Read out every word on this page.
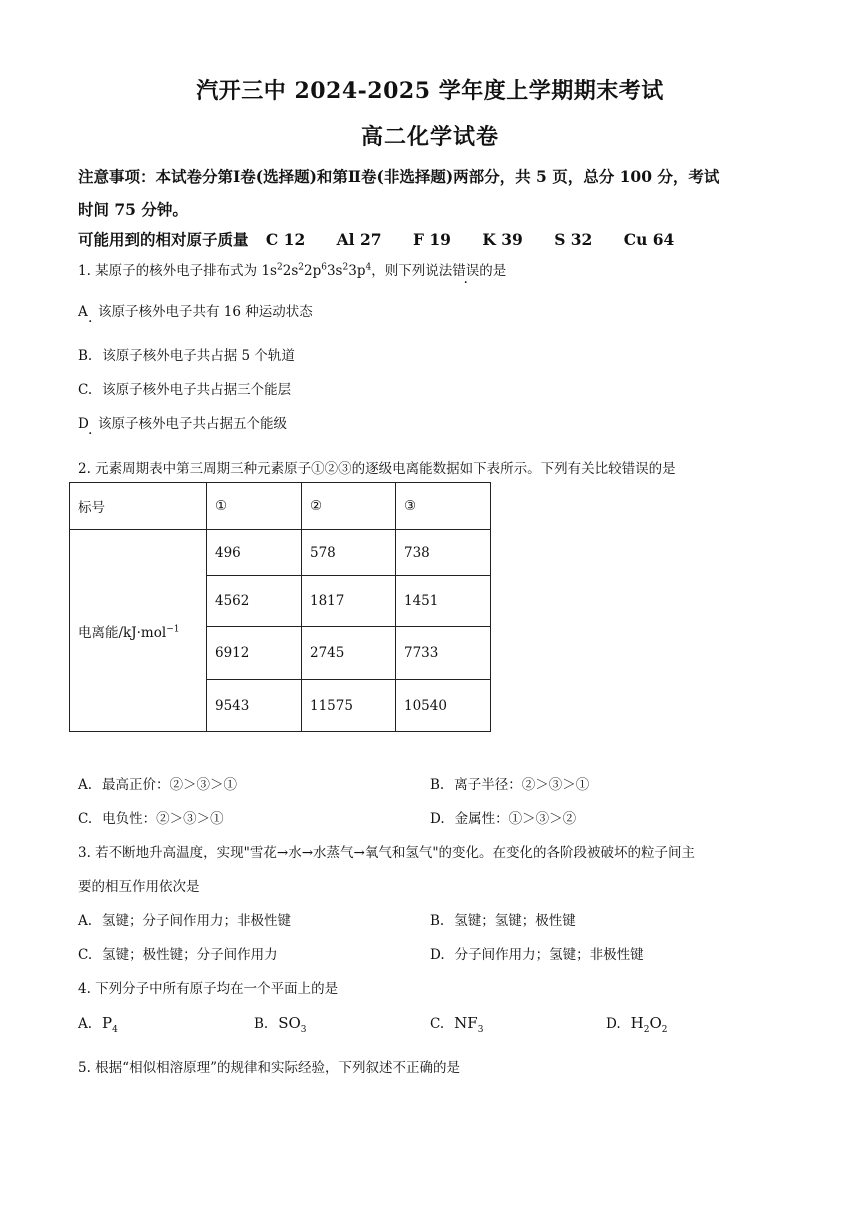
汽开三中 2024-2025 学年度上学期期末考试
高二化学试卷
注意事项：本试卷分第Ⅰ卷(选择题)和第Ⅱ卷(非选择题)两部分，共 5 页，总分 100 分，考试
时间 75 分钟。
可能用到的相对原子质量 C 12 Al 27 F 19 K 39 S 32 Cu 64
1. 某原子的核外电子排布式为 $1s^22s^22p^63s^23p^4$，则下列说法错误的是
A
·
该原子核外电子共有 16 种运动状态
B. 该原子核外电子共占据 5 个轨道
C. 该原子核外电子共占据三个能层
D
·
该原子核外电子共占据五个能级
2. 元素周期表中第三周期三种元素原子①②③的逐级电离能数据如下表所示。下列有关比较错误的是
标号	①	②	③
电离能/kJ·mol$^{-1}$	496	578	738
	4562	1817	1451
	6912	2745	7733
	9543	11575	10540
A. 最高正价：②＞③＞①	B. 离子半径：②＞③＞①
C. 电负性：②＞③＞①	D. 金属性：①＞③＞②
3. 若不断地升高温度，实现"雪花→水→水蒸气→氧气和氢气"的变化。在变化的各阶段被破坏的粒子间主
要的相互作用依次是
A. 氢键；分子间作用力；非极性键	B. 氢键；氢键；极性键
C. 氢键；极性键；分子间作用力	D. 分子间作用力；氢键；非极性键
4. 下列分子中所有原子均在一个平面上的是
A. $P_4$	B. $SO_3$	C. $NF_3$	D. $H_2O_2$
5. 根据“相似相溶原理”的规律和实际经验，下列叙述不正确的是
